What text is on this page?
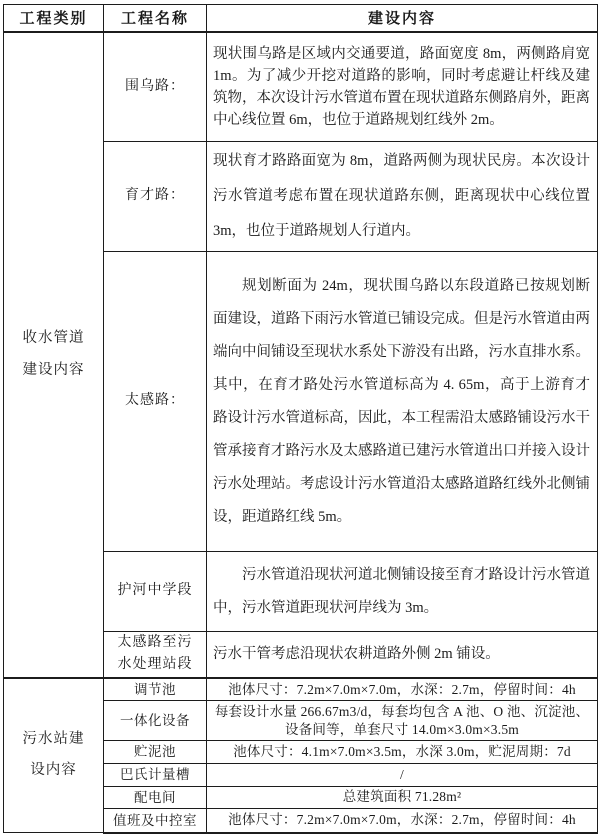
工程类别	工程名称	建设内容
收水管道建设内容	围乌路：	现状围乌路是区域内交通要道，路面宽度 8m，两侧路肩宽 1m。为了减少开挖对道路的影响，同时考虑避让杆线及建筑物，本次设计污水管道布置在现状道路东侧路肩外，距离中心线位置 6m，也位于道路规划红线外 2m。
	育才路：	现状育才路路面宽为 8m，道路两侧为现状民房。本次设计污水管道考虑布置在现状道路东侧，距离现状中心线位置 3m，也位于道路规划人行道内。
	太感路：	规划断面为 24m，现状围乌路以东段道路已按规划断面建设，道路下雨污水管道已铺设完成。但是污水管道由两端向中间铺设至现状水系处下游没有出路，污水直排水系。其中，在育才路处污水管道标高为 4. 65m，高于上游育才路设计污水管道标高，因此，本工程需沿太感路铺设污水干管承接育才路污水及太感路道已建污水管道出口并接入设计污水处理站。考虑设计污水管道沿太感路道路红线外北侧铺设，距道路红线 5m。
	护河中学段	污水管道沿现状河道北侧铺设接至育才路设计污水管道中，污水管道距现状河岸线为 3m。
	太感路至污水处理站段	污水干管考虑沿现状农耕道路外侧 2m 铺设。
污水站建设内容	调节池	池体尺寸：7.2m×7.0m×7.0m，水深：2.7m，停留时间：4h
	一体化设备	每套设计水量 266.67m3/d，每套均包含 A 池、O 池、沉淀池、设备间等，单套尺寸 14.0m×3.0m×3.5m
	贮泥池	池体尺寸：4.1m×7.0m×3.5m，水深 3.0m，贮泥周期：7d
	巴氏计量槽	/
	配电间	总建筑面积 71.28m²
	值班及中控室	池体尺寸：7.2m×7.0m×7.0m，水深：2.7m，停留时间：4h
